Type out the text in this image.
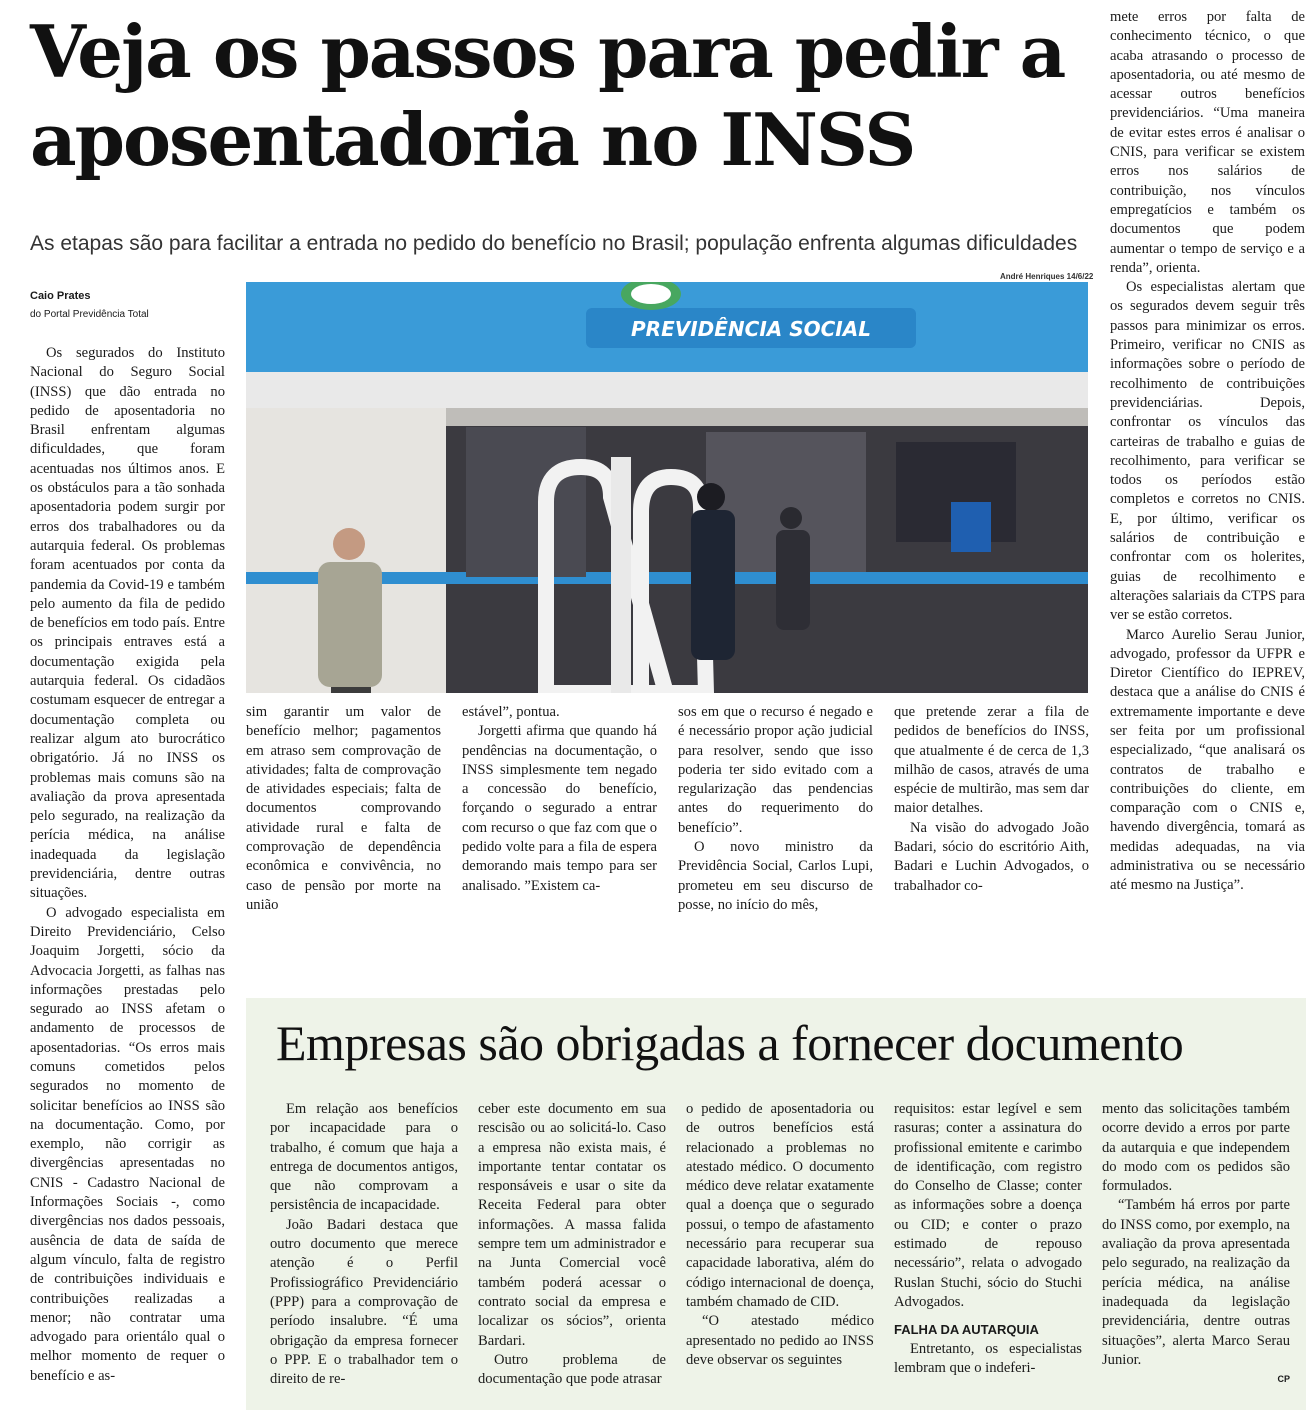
Veja os passos para pedir a aposentadoria no INSS
As etapas são para facilitar a entrada no pedido do benefício no Brasil; população enfrenta algumas dificuldades
André Henriques 14/6/22
Caio Prates
do Portal Previdência Total
PREVIDÊNCIA SOCIAL

Os segurados do Instituto Nacional do Seguro Social (INSS) que dão entrada no pedido de aposentadoria no Brasil enfrentam algumas dificuldades, que foram acentuadas nos últimos anos. E os obstáculos para a tão sonhada aposentadoria podem surgir por erros dos trabalhadores ou da autarquia federal. Os problemas foram acentuados por conta da pandemia da Covid-19 e também pelo aumento da fila de pedido de benefícios em todo país. Entre os principais entraves está a documentação exigida pela autarquia federal. Os cidadãos costumam esquecer de entregar a documentação completa ou realizar algum ato burocrático obrigatório. Já no INSS os problemas mais comuns são na avaliação da prova apresentada pelo segurado, na realização da perícia médica, na análise inadequada da legislação previdenciária, dentre outras situações.

O advogado especialista em Direito Previdenciário, Celso Joaquim Jorgetti, sócio da Advocacia Jorgetti, as falhas nas informações prestadas pelo segurado ao INSS afetam o andamento de processos de aposentadorias. “Os erros mais comuns cometidos pelos segurados no momento de solicitar benefícios ao INSS são na documentação. Como, por exemplo, não corrigir as divergências apresentadas no CNIS - Cadastro Nacional de Informações Sociais -, como divergências nos dados pessoais, ausência de data de saída de algum vínculo, falta de registro de contribuições individuais e contribuições realizadas a menor; não contratar uma advogado para orientálo qual o melhor momento de requer o benefício e as-

sim garantir um valor de benefício melhor; pagamentos em atraso sem comprovação de atividades; falta de comprovação de atividades especiais; falta de documentos comprovando atividade rural e falta de comprovação de dependência econômica e convivência, no caso de pensão por morte na união

estável”, pontua.

Jorgetti afirma que quando há pendências na documentação, o INSS simplesmente tem negado a concessão do benefício, forçando o segurado a entrar com recurso o que faz com que o pedido volte para a fila de espera demorando mais tempo para ser analisado. ”Existem ca-

sos em que o recurso é negado e é necessário propor ação judicial para resolver, sendo que isso poderia ter sido evitado com a regularização das pendencias antes do requerimento do benefício”.

O novo ministro da Previdência Social, Carlos Lupi, prometeu em seu discurso de posse, no início do mês,

que pretende zerar a fila de pedidos de benefícios do INSS, que atualmente é de cerca de 1,3 milhão de casos, através de uma espécie de multirão, mas sem dar maior detalhes.

Na visão do advogado João Badari, sócio do escritório Aith, Badari e Luchin Advogados, o trabalhador co-

mete erros por falta de conhecimento técnico, o que acaba atrasando o processo de aposentadoria, ou até mesmo de acessar outros benefícios previdenciários. “Uma maneira de evitar estes erros é analisar o CNIS, para verificar se existem erros nos salários de contribuição, nos vínculos empregatícios e também os documentos que podem aumentar o tempo de serviço e a renda”, orienta.

Os especialistas alertam que os segurados devem seguir três passos para minimizar os erros. Primeiro, verificar no CNIS as informações sobre o período de recolhimento de contribuições previdenciárias. Depois, confrontar os vínculos das carteiras de trabalho e guias de recolhimento, para verificar se todos os períodos estão completos e corretos no CNIS. E, por último, verificar os salários de contribuição e confrontar com os holerites, guias de recolhimento e alterações salariais da CTPS para ver se estão corretos.

Marco Aurelio Serau Junior, advogado, professor da UFPR e Diretor Científico do IEPREV, destaca que a análise do CNIS é extremamente importante e deve ser feita por um profissional especializado, “que analisará os contratos de trabalho e contribuições do cliente, em comparação com o CNIS e, havendo divergência, tomará as medidas adequadas, na via administrativa ou se necessário até mesmo na Justiça”.

Empresas são obrigadas a fornecer documento

Em relação aos benefícios por incapacidade para o trabalho, é comum que haja a entrega de documentos antigos, que não comprovam a persistência de incapacidade.

João Badari destaca que outro documento que merece atenção é o Perfil Profissiográfico Previdenciário (PPP) para a comprovação de período insalubre. “É uma obrigação da empresa fornecer o PPP. E o trabalhador tem o direito de re-

ceber este documento em sua rescisão ou ao solicitá-lo. Caso a empresa não exista mais, é importante tentar contatar os responsáveis e usar o site da Receita Federal para obter informações. A massa falida sempre tem um administrador e na Junta Comercial você também poderá acessar o contrato social da empresa e localizar os sócios”, orienta Bardari.

Outro problema de documentação que pode atrasar

o pedido de aposentadoria ou de outros benefícios está relacionado a problemas no atestado médico. O documento médico deve relatar exatamente qual a doença que o segurado possui, o tempo de afastamento necessário para recuperar sua capacidade laborativa, além do código internacional de doença, também chamado de CID.

“O atestado médico apresentado no pedido ao INSS deve observar os seguintes

requisitos: estar legível e sem rasuras; conter a assinatura do profissional emitente e carimbo de identificação, com registro do Conselho de Classe; conter as informações sobre a doença ou CID; e conter o prazo estimado de repouso necessário”, relata o advogado Ruslan Stuchi, sócio do Stuchi Advogados.

FALHA DA AUTARQUIA

Entretanto, os especialistas lembram que o indeferi-

mento das solicitações também ocorre devido a erros por parte da autarquia e que independem do modo com os pedidos são formulados.

“Também há erros por parte do INSS como, por exemplo, na avaliação da prova apresentada pelo segurado, na realização da perícia médica, na análise inadequada da legislação previdenciária, dentre outras situações”, alerta Marco Serau Junior.

CP
